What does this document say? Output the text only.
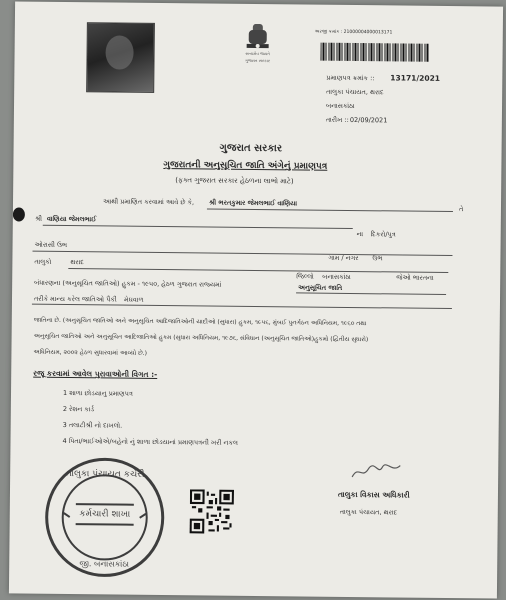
સત્યમેવ જયતે
ગુજરાત સરકાર
અરજી ક્રમાંક : 21000004000013171
પ્રમાણપત્ર ક્રમાંક :: 13171/2021
તાલુકા પંચાયત, થરાદ
બનાસકાંઠા
તારીખ :: 02/09/2021
ગુજરાત સરકાર
ગુજરાતની અનુસૂચિત જાતિ અંગેનું પ્રમાણપત્ર
(ફક્ત ગુજરાત સરકાર હેઠળના લાભો માટે)
આથી પ્રમાણિત કરવામાં આવે છે કે, શ્રી ભરતકુમાર જેમલભાઈ વાણિયા
તે
શ્રી વાણિયા જેમલભાઈ
ના દિકરો/પુત્ર
ઓરાસી ઉભ
ગામ / નગર ઉભ
તાલુકો	થરાદ
જિલ્લો બનાસકાંઠા	જેઓ ભારતના
બંધારણના (અનુસૂચિત જાતિઓ) હુકમ - ૧૯૫૦, હેઠળ ગુજરાત રાજ્યમાં	અનુસૂચિત જાતિ
તરીકે માન્ય કરેલ જાતિઓ પૈકી મેઘવાળ
જાતિના છે. (અનુસૂચિત જાતિઓ અને અનુસૂચિત આદિજાતિઓની યાદીઓ (સુધારા) હુકમ, ૧૯૫૬, મુંબઈ પુનર્ગઠન અધિનિયમ, ૧૯૬૦ તથા
અનુસૂચિત જાતિઓ અને અનુસૂચિત આદિજાતિઓ હુકમ (સુધારા અધિનિયમ, ૧૯૭૬, સંવિધાન (અનુસૂચિત જાતિઓ)હુકમો (દ્વિતીય સુધારો)
અધિનિયમ, ૨૦૦૨ હેઠળ સુધારવામાં આવ્યો છે.)
રજૂ કરવામાં આવેલ પુરાવાઓની વિગત :-
1 શાળા છોડયાનુ પ્રમાણપત્ર
2 રેશન કાર્ડ
3 તલાટીશ્રી નો દાખલો.
4 પિતા/ભાઈઓએ/બહેનો નું શાળા છોડયાનાં પ્રમાણપત્રની ખરી નકલ
તાલુકા પંચાયત કચેરી
કર્મચારી શાખા
જી. બનાસકાંઠા
તાલુકા વિકાસ અધિકારી
તાલુકા પંચાયત, થરાદ
